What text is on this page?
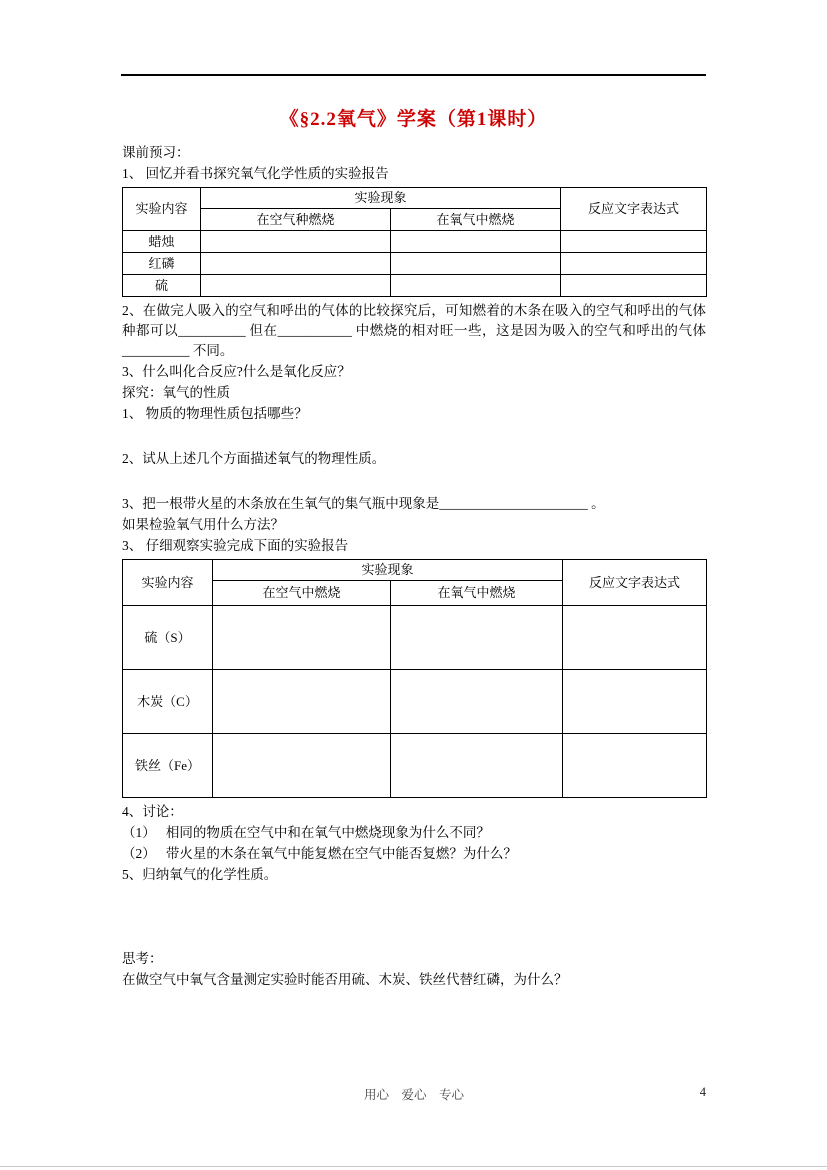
《§2.2氧气》学案（第1课时）

课前预习：

1、 回忆并看书探究氧气化学性质的实验报告

实验内容	实验现象		反应文字表达式
	在空气种燃烧	在氧气中燃烧	
蜡烛			
红磷			
硫			

2、在做完人吸入的空气和呼出的气体的比较探究后，可知燃着的木条在吸入的空气和呼出的气体种都可以__________ 但在___________ 中燃烧的相对旺一些，这是因为吸入的空气和呼出的气体__________ 不同。

3、什么叫化合反应?什么是氧化反应？

探究：氧气的性质

1、 物质的物理性质包括哪些？

2、试从上述几个方面描述氧气的物理性质。

3、把一根带火星的木条放在生氧气的集气瓶中现象是______________________ 。

如果检验氧气用什么方法？

3、 仔细观察实验完成下面的实验报告

实验内容	实验现象		反应文字表达式
	在空气中燃烧	在氧气中燃烧	
硫（S）			
木炭（C）			
铁丝（Fe）			

4、讨论：

（1）　 相同的物质在空气中和在氧气中燃烧现象为什么不同？

（2）　 带火星的木条在氧气中能复燃在空气中能否复燃？为什么？

5、归纳氧气的化学性质。

思考：

在做空气中氧气含量测定实验时能否用硫、木炭、铁丝代替红磷，为什么？

用心　爱心　专心	4
